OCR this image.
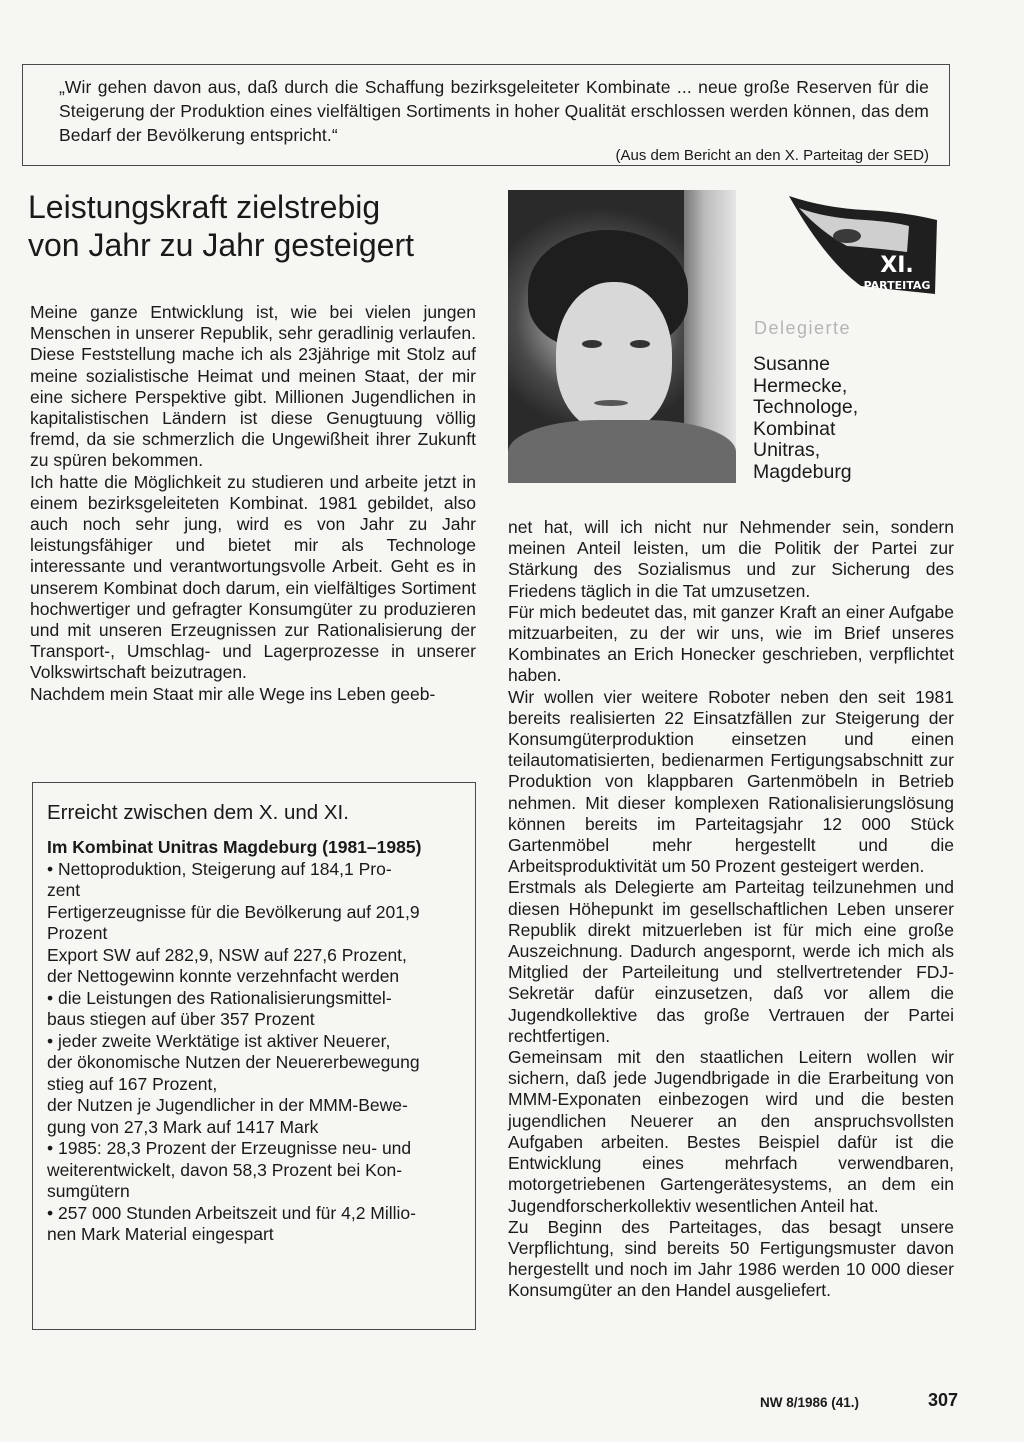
„Wir gehen davon aus, daß durch die Schaffung bezirksgeleiteter Kombinate ... neue große Reserven für die Steigerung der Produktion eines vielfältigen Sortiments in hoher Qualität erschlossen werden können, das dem Bedarf der Bevölkerung entspricht.“

(Aus dem Bericht an den X. Parteitag der SED)
Leistungskraft zielstrebig
von Jahr zu Jahr gesteigert

Meine ganze Entwicklung ist, wie bei vielen jungen Menschen in unserer Republik, sehr geradlinig verlaufen. Diese Feststellung mache ich als 23jährige mit Stolz auf meine sozialistische Heimat und meinen Staat, der mir eine sichere Perspektive gibt. Millionen Jugendlichen in kapitalistischen Ländern ist diese Genugtuung völlig fremd, da sie schmerzlich die Ungewißheit ihrer Zukunft zu spüren bekommen.

Ich hatte die Möglichkeit zu studieren und arbeite jetzt in einem bezirksgeleiteten Kombinat. 1981 gebildet, also auch noch sehr jung, wird es von Jahr zu Jahr leistungsfähiger und bietet mir als Technologe interessante und verantwortungsvolle Arbeit. Geht es in unserem Kombinat doch darum, ein vielfältiges Sortiment hochwertiger und gefragter Konsumgüter zu produzieren und mit unseren Erzeugnissen zur Rationalisierung der Transport-, Umschlag- und Lagerprozesse in unserer Volkswirtschaft beizutragen.

Nachdem mein Staat mir alle Wege ins Leben geeb-

XI.
PARTEITAG
Delegierte
Susanne
Hermecke,
Technologe,
Kombinat
Unitras,
Magdeburg
Erreicht zwischen dem X. und XI.

Im Kombinat Unitras Magdeburg (1981–1985)

• Nettoproduktion, Steigerung auf 184,1 Pro-
zent
Fertigerzeugnisse für die Bevölkerung auf 201,9
Prozent
Export SW auf 282,9, NSW auf 227,6 Prozent,
der Nettogewinn konnte verzehnfacht werden
• die Leistungen des Rationalisierungsmittel-
baus stiegen auf über 357 Prozent
• jeder zweite Werktätige ist aktiver Neuerer,
der ökonomische Nutzen der Neuererbewegung
stieg auf 167 Prozent,
der Nutzen je Jugendlicher in der MMM-Bewe-
gung von 27,3 Mark auf 1417 Mark
• 1985: 28,3 Prozent der Erzeugnisse neu- und
weiterentwickelt, davon 58,3 Prozent bei Kon-
sumgütern
• 257 000 Stunden Arbeitszeit und für 4,2 Millio-
nen Mark Material eingespart

net hat, will ich nicht nur Nehmender sein, sondern meinen Anteil leisten, um die Politik der Partei zur Stärkung des Sozialismus und zur Sicherung des Friedens täglich in die Tat umzusetzen.

Für mich bedeutet das, mit ganzer Kraft an einer Aufgabe mitzuarbeiten, zu der wir uns, wie im Brief unseres Kombinates an Erich Honecker geschrieben, verpflichtet haben.

Wir wollen vier weitere Roboter neben den seit 1981 bereits realisierten 22 Einsatzfällen zur Steigerung der Konsumgüterproduktion einsetzen und einen teilautomatisierten, bedienarmen Fertigungsabschnitt zur Produktion von klappbaren Gartenmöbeln in Betrieb nehmen. Mit dieser komplexen Rationalisierungslösung können bereits im Parteitagsjahr 12 000 Stück Gartenmöbel mehr hergestellt und die Arbeitsproduktivität um 50 Prozent gesteigert werden.

Erstmals als Delegierte am Parteitag teilzunehmen und diesen Höhepunkt im gesellschaftlichen Leben unserer Republik direkt mitzuerleben ist für mich eine große Auszeichnung. Dadurch angespornt, werde ich mich als Mitglied der Parteileitung und stellvertretender FDJ-Sekretär dafür einzusetzen, daß vor allem die Jugendkollektive das große Vertrauen der Partei rechtfertigen.

Gemeinsam mit den staatlichen Leitern wollen wir sichern, daß jede Jugendbrigade in die Erarbeitung von MMM-Exponaten einbezogen wird und die besten jugendlichen Neuerer an den anspruchsvollsten Aufgaben arbeiten. Bestes Beispiel dafür ist die Entwicklung eines mehrfach verwendbaren, motorgetriebenen Gartengerätesystems, an dem ein Jugendforscherkollektiv wesentlichen Anteil hat.

Zu Beginn des Parteitages, das besagt unsere Verpflichtung, sind bereits 50 Fertigungsmuster davon hergestellt und noch im Jahr 1986 werden 10 000 dieser Konsumgüter an den Handel ausgeliefert.

NW 8/1986 (41.)	307
